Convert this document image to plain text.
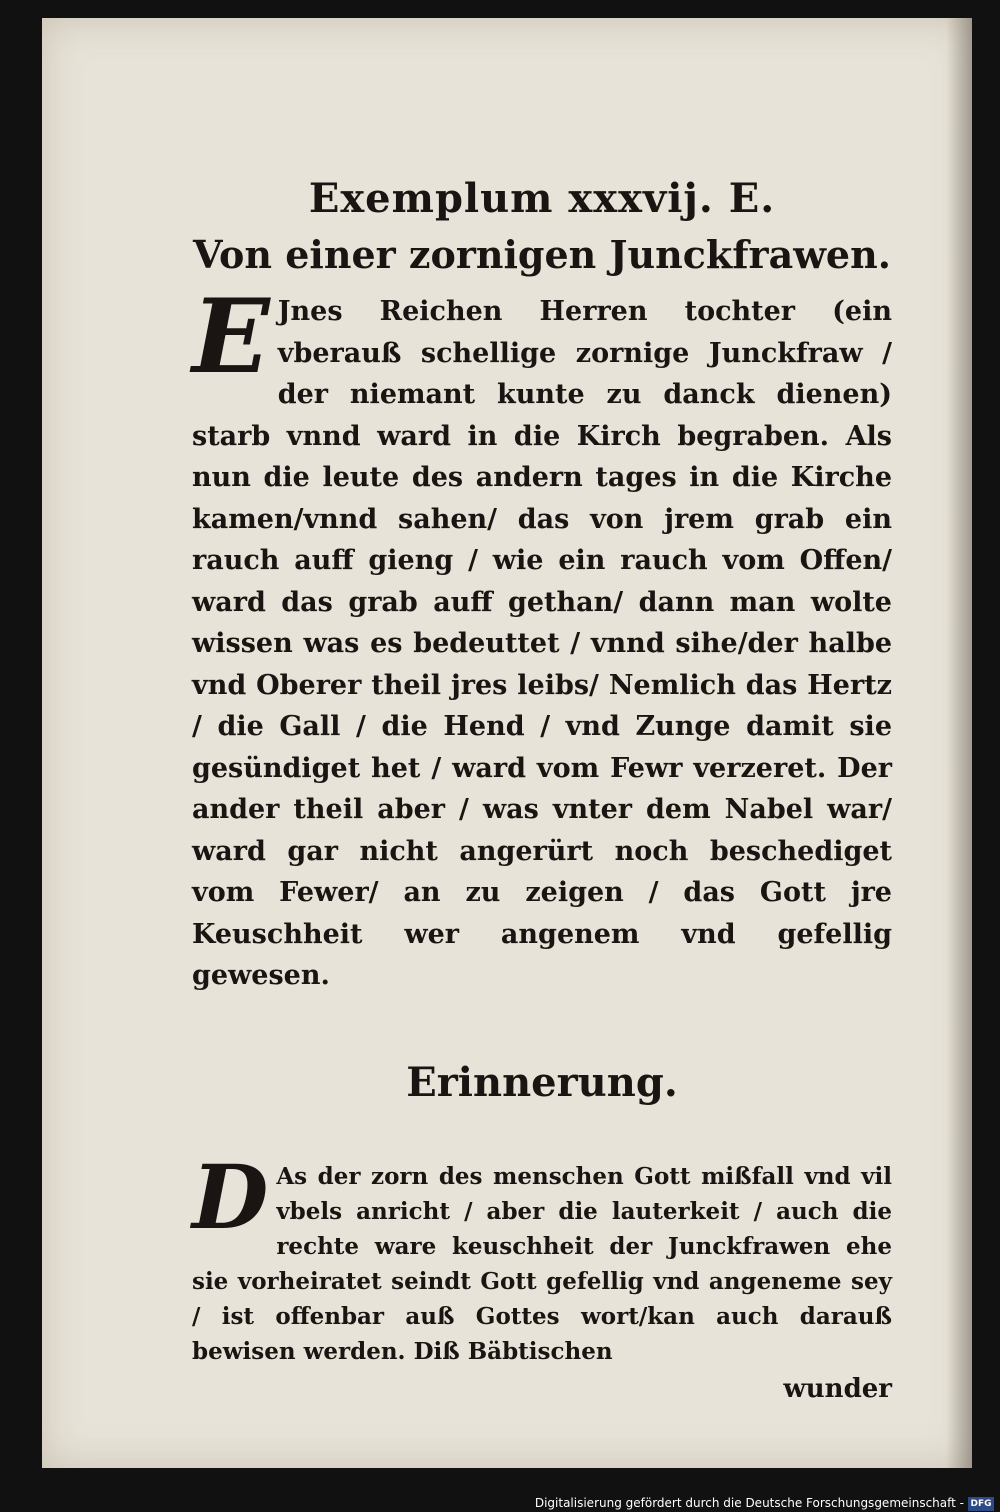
Exemplum xxxvij. E.
Von einer zornigen Junckfrawen.

E Jnes Reichen Herren tochter (ein vberauß schellige zornige Junckfraw / der niemant kunte zu danck dienen) starb vnnd ward in die Kirch begraben. Als nun die leute des andern tages in die Kirche kamen/vnnd sahen/ das von jrem grab ein rauch auff gieng / wie ein rauch vom Offen/ ward das grab auff gethan/ dann man wolte wissen was es bedeuttet / vnnd sihe/der halbe vnd Oberer theil jres leibs/ Nemlich das Hertz / die Gall / die Hend / vnd Zunge damit sie gesündiget het / ward vom Fewr verzeret. Der ander theil aber / was vnter dem Nabel war/ ward gar nicht angerürt noch beschediget vom Fewer/ an zu zeigen / das Gott jre Keuschheit wer angenem vnd gefellig gewesen.

Erinnerung.

D As der zorn des menschen Gott mißfall vnd vil vbels anricht / aber die lauterkeit / auch die rechte ware keuschheit der Junckfrawen ehe sie vorheiratet seindt Gott gefellig vnd angeneme sey / ist offenbar auß Gottes wort/kan auch darauß bewisen werden. Diß Bäbtischen

wunder
Digitalisierung gefördert durch die Deutsche Forschungsgemeinschaft - DFG
